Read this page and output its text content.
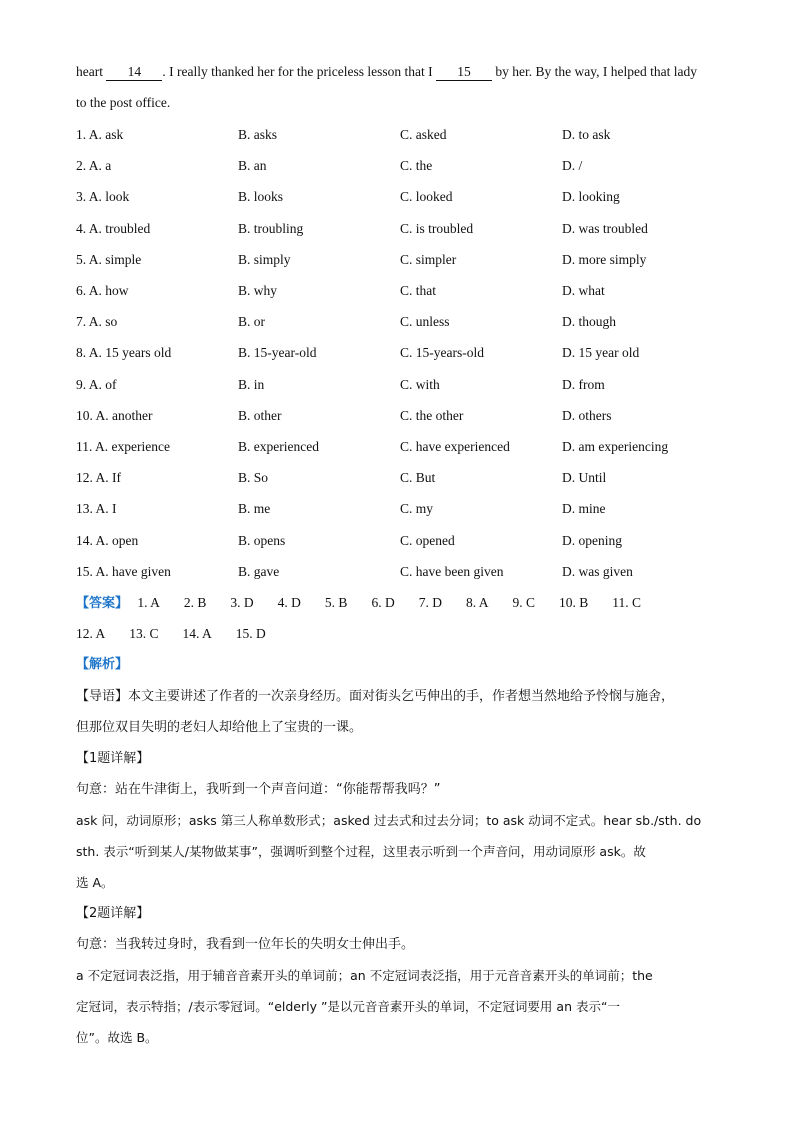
heart 14 . I really thanked her for the priceless lesson that I 15 by her. By the way, I helped that lady
to the post office.
1. A. ask	B. asks	C. asked	D. to ask
2. A. a	B. an	C. the	D. /
3. A. look	B. looks	C. looked	D. looking
4. A. troubled	B. troubling	C. is troubled	D. was troubled
5. A. simple	B. simply	C. simpler	D. more simply
6. A. how	B. why	C. that	D. what
7. A. so	B. or	C. unless	D. though
8. A. 15 years old	B. 15-year-old	C. 15-years-old	D. 15 year old
9. A. of	B. in	C. with	D. from
10. A. another	B. other	C. the other	D. others
11. A. experience	B. experienced	C. have experienced	D. am experiencing
12. A. If	B. So	C. But	D. Until
13. A. I	B. me	C. my	D. mine
14. A. open	B. opens	C. opened	D. opening
15. A. have given	B. gave	C. have been given	D. was given
【答案】 1. A 2. B 3. D 4. D 5. B 6. D 7. D 8. A 9. C 10. B 11. C
12. A 13. C 14. A 15. D
【解析】
【导语】本文主要讲述了作者的一次亲身经历。面对街头乞丐伸出的手，作者想当然地给予怜悯与施舍，
但那位双目失明的老妇人却给他上了宝贵的一课。
【1题详解】
句意：站在牛津街上，我听到一个声音问道：“你能帮帮我吗？”
ask 问，动词原形；asks 第三人称单数形式；asked 过去式和过去分词；to ask 动词不定式。hear sb./sth. do
sth. 表示“听到某人/某物做某事”，强调听到整个过程，这里表示听到一个声音问，用动词原形 ask。故
选 A。
【2题详解】
句意：当我转过身时，我看到一位年长的失明女士伸出手。
a 不定冠词表泛指，用于辅音音素开头的单词前；an 不定冠词表泛指，用于元音音素开头的单词前；the
定冠词，表示特指；/表示零冠词。“elderly ”是以元音音素开头的单词，不定冠词要用 an 表示“一
位”。故选 B。
